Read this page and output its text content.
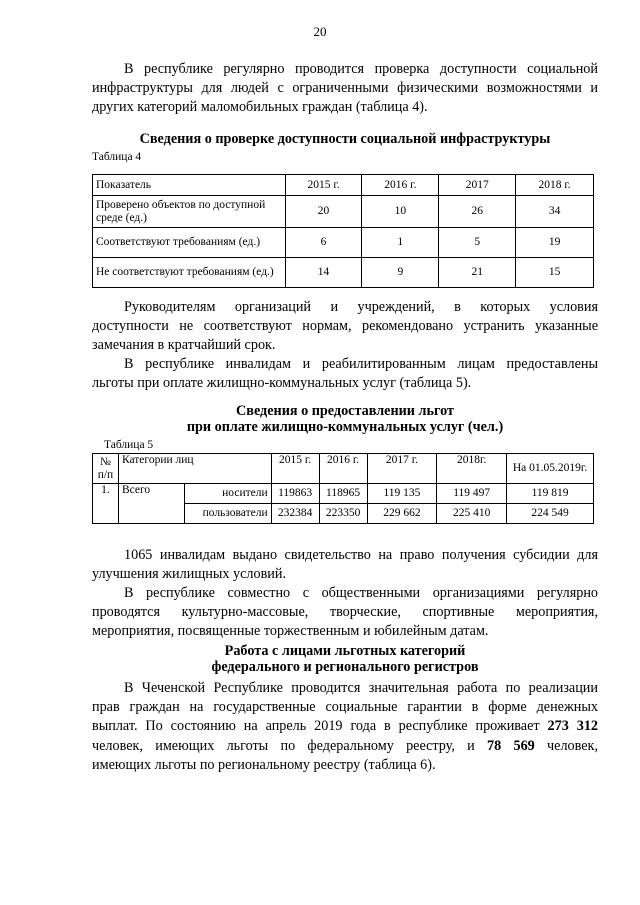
20
В республике регулярно проводится проверка доступности социальной
инфраструктуры для людей с ограниченными физическими возможностями и
других категорий маломобильных граждан (таблица 4).
Сведения о проверке доступности социальной инфраструктуры
Таблица 4
Показатель	2015 г.	2016 г.	2017	2018 г.
Проверено объектов по доступной среде (ед.)	20	10	26	34
Соответствуют требованиям (ед.)	6	1	5	19
Не соответствуют требованиям (ед.)	14	9	21	15
Руководителям организаций и учреждений, в которых условия
доступности не соответствуют нормам, рекомендовано устранить указанные
замечания в кратчайший срок.
В республике инвалидам и реабилитированным лицам предоставлены
льготы при оплате жилищно-коммунальных услуг (таблица 5).
Сведения о предоставлении льгот
при оплате жилищно-коммунальных услуг (чел.)
Таблица 5
№ п/п	Категории лиц		2015 г.	2016 г.	2017 г.	2018г.	На 01.05.2019г.
1.	Всего	носители	119863	118965	119 135	119 497	119 819
		пользователи	232384	223350	229 662	225 410	224 549
1065 инвалидам выдано свидетельство на право получения субсидии для
улучшения жилищных условий.
В республике совместно с общественными организациями регулярно
проводятся культурно-массовые, творческие, спортивные мероприятия,
мероприятия, посвященные торжественным и юбилейным датам.
Работа с лицами льготных категорий
федерального и регионального регистров
В Чеченской Республике проводится значительная работа по реализации
прав граждан на государственные социальные гарантии в форме денежных
выплат. По состоянию на апрель 2019 года в республике проживает 273 312
человек, имеющих льготы по федеральному реестру, и 78 569 человек,
имеющих льготы по региональному реестру (таблица 6).
